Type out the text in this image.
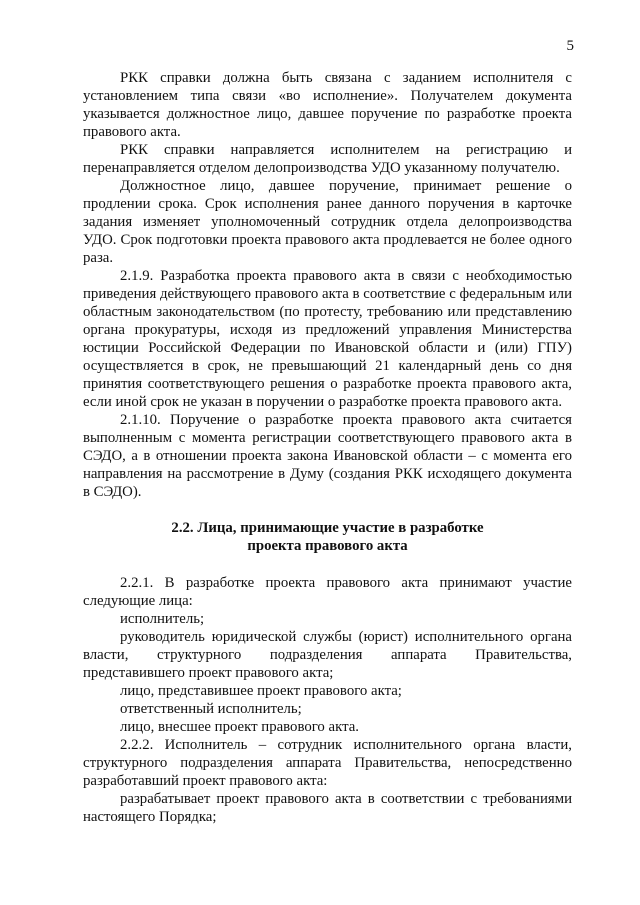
5

РКК справки должна быть связана с заданием исполнителя с установлением типа связи «во исполнение». Получателем документа указывается должностное лицо, давшее поручение по разработке проекта правового акта.

РКК справки направляется исполнителем на регистрацию и перенаправляется отделом делопроизводства УДО указанному получателю.

Должностное лицо, давшее поручение, принимает решение о продлении срока. Срок исполнения ранее данного поручения в карточке задания изменяет уполномоченный сотрудник отдела делопроизводства УДО. Срок подготовки проекта правового акта продлевается не более одного раза.

2.1.9. Разработка проекта правового акта в связи с необходимостью приведения действующего правового акта в соответствие с федеральным или областным законодательством (по протесту, требованию или представлению органа прокуратуры, исходя из предложений управления Министерства юстиции Российской Федерации по Ивановской области и (или) ГПУ) осуществляется в срок, не превышающий 21 календарный день со дня принятия соответствующего решения о разработке проекта правового акта, если иной срок не указан в поручении о разработке проекта правового акта.

2.1.10. Поручение о разработке проекта правового акта считается выполненным с момента регистрации соответствующего правового акта в СЭДО, а в отношении проекта закона Ивановской области – с момента его направления на рассмотрение в Думу (создания РКК исходящего документа в СЭДО).

2.2. Лица, принимающие участие в разработке
проекта правового акта

2.2.1. В разработке проекта правового акта принимают участие следующие лица:

исполнитель;

руководитель юридической службы (юрист) исполнительного органа власти, структурного подразделения аппарата Правительства, представившего проект правового акта;

лицо, представившее проект правового акта;

ответственный исполнитель;

лицо, внесшее проект правового акта.

2.2.2. Исполнитель – сотрудник исполнительного органа власти, структурного подразделения аппарата Правительства, непосредственно разработавший проект правового акта:

разрабатывает проект правового акта в соответствии с требованиями настоящего Порядка;
